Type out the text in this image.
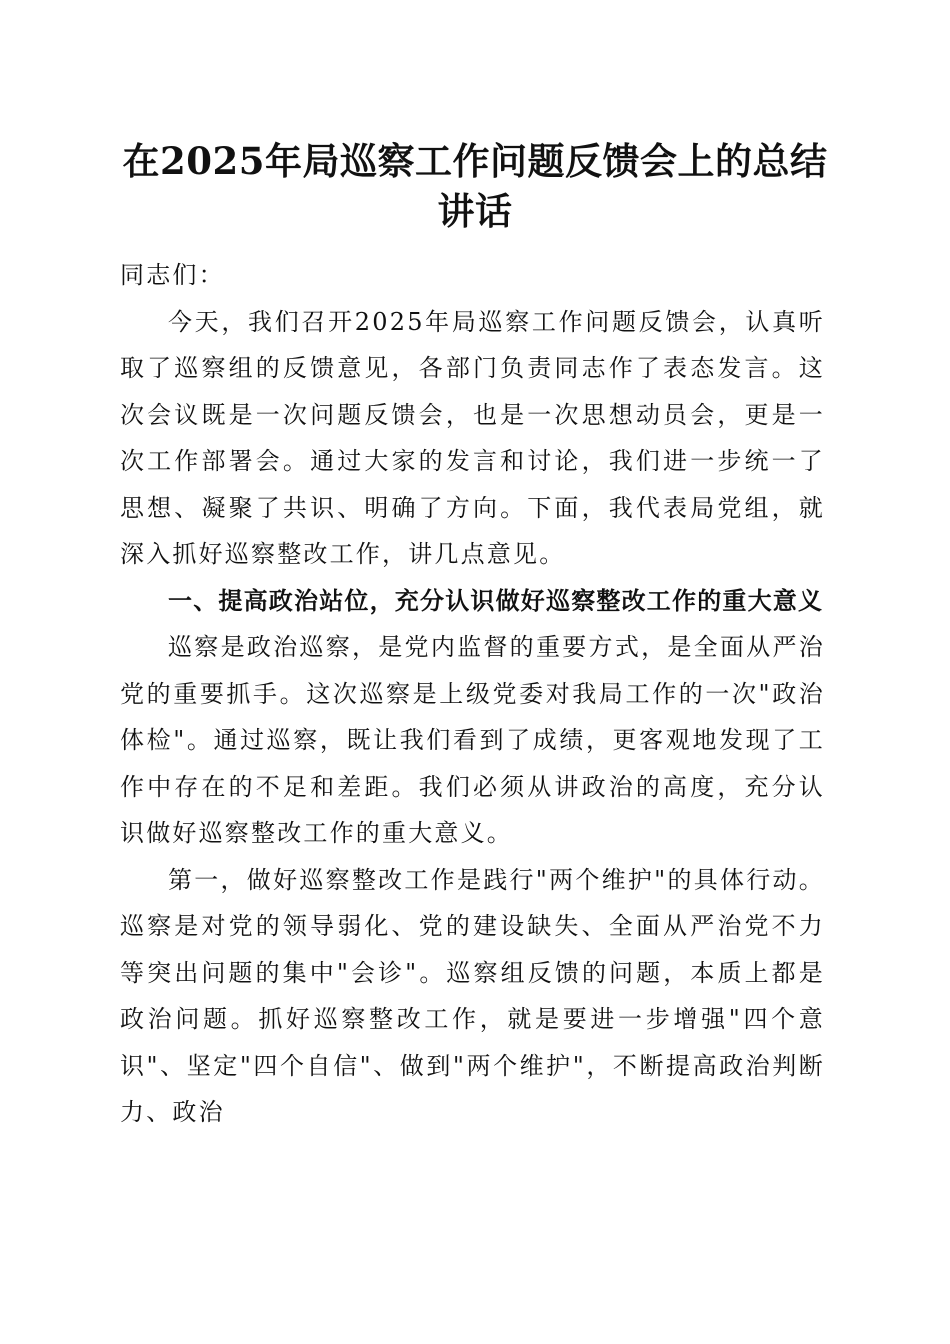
在2025年局巡察工作问题反馈会上的总结讲话

同志们：

今天，我们召开2025年局巡察工作问题反馈会，认真听取了巡察组的反馈意见，各部门负责同志作了表态发言。这次会议既是一次问题反馈会，也是一次思想动员会，更是一次工作部署会。通过大家的发言和讨论，我们进一步统一了思想、凝聚了共识、明确了方向。下面，我代表局党组，就深入抓好巡察整改工作，讲几点意见。

一、提高政治站位，充分认识做好巡察整改工作的重大意义

巡察是政治巡察，是党内监督的重要方式，是全面从严治党的重要抓手。这次巡察是上级党委对我局工作的一次"政治体检"。通过巡察，既让我们看到了成绩，更客观地发现了工作中存在的不足和差距。我们必须从讲政治的高度，充分认识做好巡察整改工作的重大意义。

第一，做好巡察整改工作是践行"两个维护"的具体行动。巡察是对党的领导弱化、党的建设缺失、全面从严治党不力等突出问题的集中"会诊"。巡察组反馈的问题，本质上都是政治问题。抓好巡察整改工作，就是要进一步增强"四个意识"、坚定"四个自信"、做到"两个维护"，不断提高政治判断力、政治
